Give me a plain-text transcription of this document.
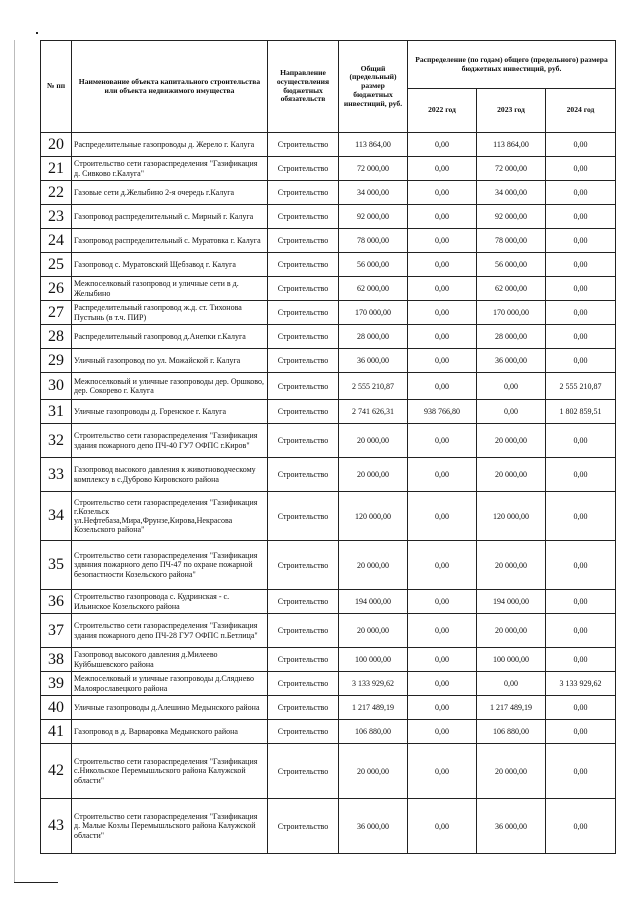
№ пп	Наименование объекта капитального строительства или объекта недвижимого имущества	Направление осуществления бюджетных обязательств	Общий (предельный) размер бюджетных инвестиций, руб.	Распределение (по годам) общего (предельного) размера бюджетных инвестиций, руб.		
				2022 год	2023 год	2024 год
20	Распределительные газопроводы д. Жерело г. Калуга	Строительство	113 864,00	0,00	113 864,00	0,00
21	Строительство сети газораспределения "Газификация д. Сивково г.Калуга"	Строительство	72 000,00	0,00	72 000,00	0,00
22	Газовые сети д.Желыбино 2-я очередь г.Калуга	Строительство	34 000,00	0,00	34 000,00	0,00
23	Газопровод распределительный с. Мирный г. Калуга	Строительство	92 000,00	0,00	92 000,00	0,00
24	Газопровод распределительный с. Муратовка г. Калуга	Строительство	78 000,00	0,00	78 000,00	0,00
25	Газопровод с. Муратовский Щебзавод г. Калуга	Строительство	56 000,00	0,00	56 000,00	0,00
26	Межпоселковый газопровод и уличные сети в д. Желыбино	Строительство	62 000,00	0,00	62 000,00	0,00
27	Распределительный газопровод ж.д. ст. Тихонова Пустынь (в т.ч. ПИР)	Строительство	170 000,00	0,00	170 000,00	0,00
28	Распределительный газопровод д.Анепки г.Калуга	Строительство	28 000,00	0,00	28 000,00	0,00
29	Уличный газопровод по ул. Можайской г. Калуга	Строительство	36 000,00	0,00	36 000,00	0,00
30	Межпоселковый и уличные газопроводы дер. Оршково, дер. Сокорево г. Калуга	Строительство	2 555 210,87	0,00	0,00	2 555 210,87
31	Уличные газопроводы д. Горенское г. Калуга	Строительство	2 741 626,31	938 766,80	0,00	1 802 859,51
32	Строительство сети газораспределения "Газификация здания пожарного депо ПЧ-40 ГУ7 ОФПС г.Киров"	Строительство	20 000,00	0,00	20 000,00	0,00
33	Газопровод высокого давления к животноводческому комплексу в с.Дуброво Кировского района	Строительство	20 000,00	0,00	20 000,00	0,00
34	Строительство сети газораспределения "Газификация г.Козельск ул.Нефтебаза,Мира,Фрунзе,Кирова,Некрасова Козельского района"	Строительство	120 000,00	0,00	120 000,00	0,00
35	Строительство сети газораспределения "Газификация здвнния пожарного депо ПЧ-47 по охране пожарной безопастности Козельского района"	Строительство	20 000,00	0,00	20 000,00	0,00
36	Строительство газопровода с. Кудринская - с. Ильинское Козельского района	Строительство	194 000,00	0,00	194 000,00	0,00
37	Строительство сети газораспределения "Газификация здания пожарного депо ПЧ-28 ГУ7 ОФПС п.Бетлица"	Строительство	20 000,00	0,00	20 000,00	0,00
38	Газопровод высокого давления д.Милеево Куйбышевского района	Строительство	100 000,00	0,00	100 000,00	0,00
39	Межпоселковый и уличные газопроводы д.Слядневo Малоярославецкого района	Строительство	3 133 929,62	0,00	0,00	3 133 929,62
40	Уличные газопроводы д.Алешино Медынского района	Строительство	1 217 489,19	0,00	1 217 489,19	0,00
41	Газопровод в д. Варваровка Медынского района	Строительство	106 880,00	0,00	106 880,00	0,00
42	Строительство сети газораспределения "Газификация с.Никольское Перемышльского района Калужской области"	Строительство	20 000,00	0,00	20 000,00	0,00
43	Строительство сети газораспределения "Газификация д. Малые Козлы Перемышльского района Калужской области"	Строительство	36 000,00	0,00	36 000,00	0,00
